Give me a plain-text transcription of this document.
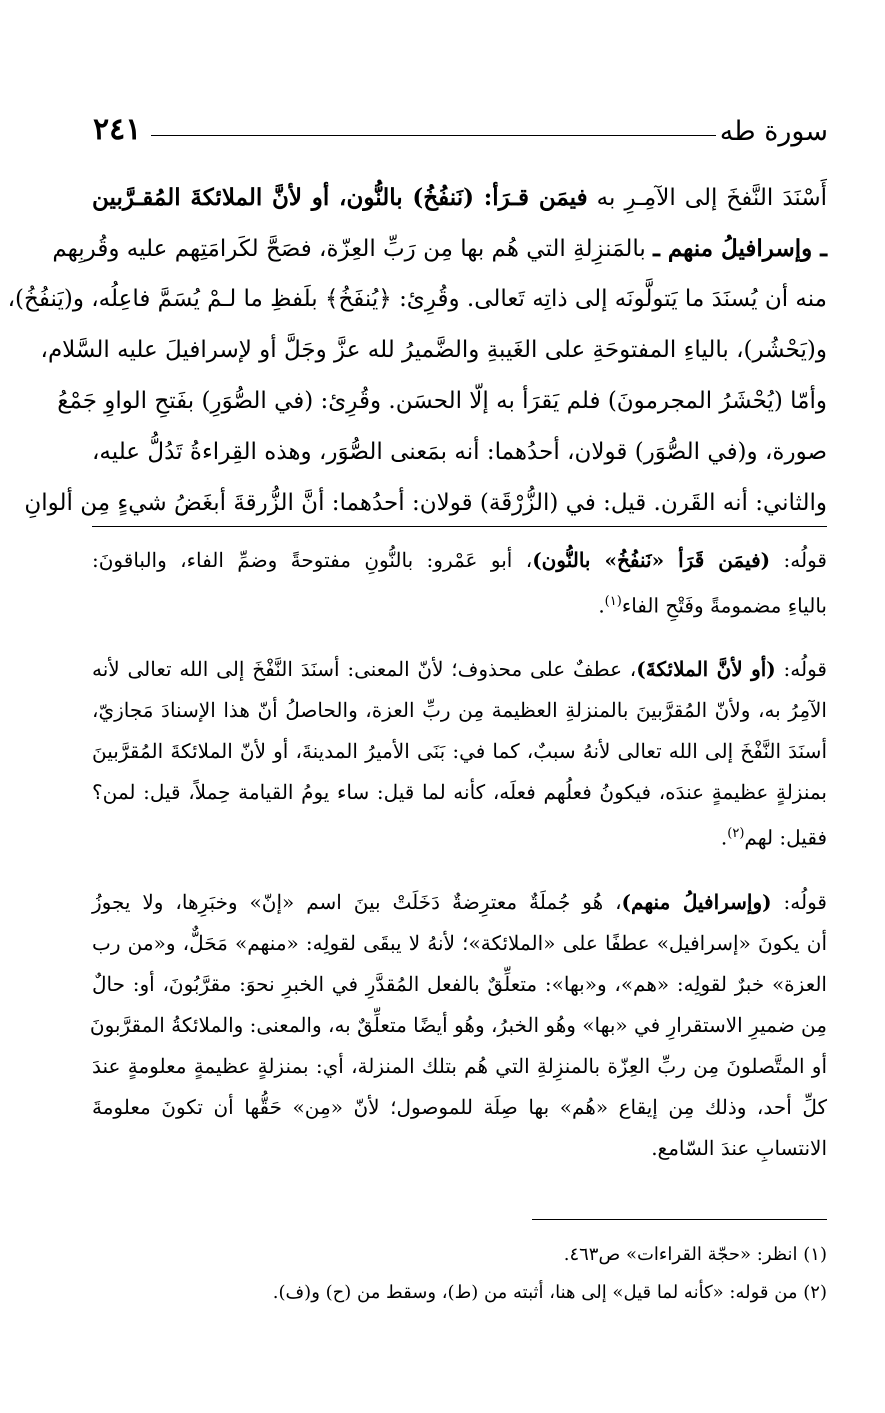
سورة طه
٢٤١
أَسْنَدَ النَّفخَ إلى الآمِـرِ به فيمَن قـرَأ: (نَنفُخُ) بالنُّون، أو لأنَّ الملائكةَ المُقـرَّبين
ـ وإسرافيلُ منهم ـ بالمَنزِلةِ التي هُم بها مِن رَبِّ العِزّة، فصَحَّ لكَرامَتِهم عليه وقُربِهم
منه أن يُسنَدَ ما يَتولَّونَه إلى ذاتِه تَعالى. وقُرِئ: ﴿يُنفَخُ﴾ بلَفظِ ما لـمْ يُسَمَّ فاعِلُه، و(يَنفُخُ)،
و(يَحْشُر)، بالياءِ المفتوحَةِ على الغَيبةِ والضَّميرُ لله عزَّ وجَلَّ أو لإسرافيلَ عليه السَّلام،
وأمّا (يُحْشَرُ المجرمونَ) فلم يَقرَأ به إلّا الحسَن. وقُرِئ: (في الصُّوَرِ) بفَتحِ الواوِ جَمْعُ
صورة، و(في الصُّوَر) قولان، أحدُهما: أنه بمَعنى الصُّوَر، وهذه القِراءةُ تَدُلُّ عليه،
والثاني: أنه القَرن. قيل: في (الزُّرْقَة) قولان: أحدُهما: أنَّ الزُّرقةَ أبغَضُ شيءٍ مِن ألوانِ
قولُه: (فيمَن قَرَأ «نَنفُخُ» بالنُّون)، أبو عَمْرو: بالنُّونِ مفتوحةً وضمِّ الفاء، والباقونَ:
بالياءِ مضمومةً وفَتْحِ الفاء$^{(١)}$.
قولُه: (أو لأنَّ الملائكةَ)، عطفٌ على محذوف؛ لأنّ المعنى: أسنَدَ النَّفْخَ إلى الله تعالى لأنه
الآمِرُ به، ولأنّ المُقرَّبينَ بالمنزلةِ العظيمة مِن ربِّ العزة، والحاصلُ أنّ هذا الإسنادَ مَجازيّ،
أسنَدَ النَّفْخَ إلى الله تعالى لأنهُ سببٌ، كما في: بَنَى الأميرُ المدينةَ، أو لأنّ الملائكةَ المُقرَّبينَ
بمنزلةٍ عظيمةٍ عندَه، فيكونُ فعلُهم فعلَه، كأنه لما قيل: ساء يومُ القيامة حِملاً، قيل: لمن؟
فقيل: لهم$^{(٢)}$.
قولُه: (وإسرافيلُ منهم)، هُو جُملَةٌ معترِضةٌ دَخَلَتْ بينَ اسم «إنّ» وخبَرِها، ولا يجوزُ
أن يكونَ «إسرافيل» عطفًا على «الملائكة»؛ لأنهُ لا يبقَى لقولِه: «منهم» مَحَلٌّ، و«من رب
العزة» خبرٌ لقولِه: «هم»، و«بها»: متعلِّقٌ بالفعل المُقدَّرِ في الخبرِ نحوَ: مقرَّبُونَ، أو: حالٌ
مِن ضميرِ الاستقرارِ في «بها» وهُو الخبرُ، وهُو أيضًا متعلِّقٌ به، والمعنى: والملائكةُ المقرَّبونَ
أو المتَّصلونَ مِن ربِّ العِزّة بالمنزِلةِ التي هُم بتلك المنزلة، أي: بمنزلةٍ عظيمةٍ معلومةٍ عندَ
كلِّ أحد، وذلك مِن إيقاع «هُم» بها صِلَة للموصول؛ لأنّ «مِن» حَقُّها أن تكونَ معلومةَ
الانتسابِ عندَ السّامع.
(١) انظر: «حجّة القراءات» ص٤٦٣.
(٢) من قوله: «كأنه لما قيل» إلى هنا، أثبته من (ط)، وسقط من (ح) و(ف).
